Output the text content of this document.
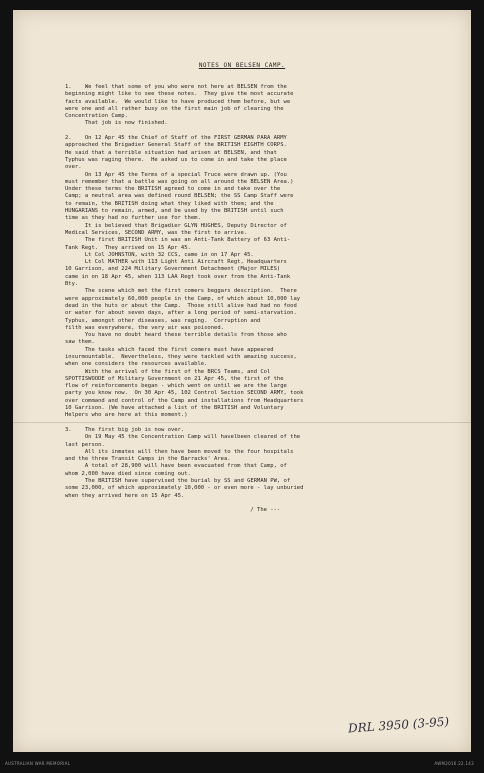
NOTES ON BELSEN CAMP.
1.    We feel that some of you who were not here at BELSEN from the
beginning might like to see these notes.  They give the most accurate
facts available.  We would like to have produced them before, but we
were one and all rather busy on the first main job of clearing the
Concentration Camp.
That job is now finished.

2.    On 12 Apr 45 the Chief of Staff of the FIRST GERMAN PARA ARMY
approached the Brigadier General Staff of the BRITISH EIGHTH CORPS.
He said that a terrible situation had arisen at BELSEN, and that
Typhus was raging there.  He asked us to come in and take the place
over.
On 13 Apr 45 the Terms of a special Truce were drawn up. (You
must remember that a battle was going on all around the BELSEN Area.)
Under these terms the BRITISH agreed to come in and take over the
Camp; a neutral area was defined round BELSEN; the SS Camp Staff were
to remain, the BRITISH doing what they liked with them; and the
HUNGARIANS to remain, armed, and be used by the BRITISH until such
time as they had no further use for them.
It is believed that Brigadier GLYN HUGHES, Deputy Director of
Medical Services, SECOND ARMY, was the first to arrive.
The first BRITISH Unit in was an Anti-Tank Battery of 63 Anti-
Tank Regt.  They arrived on 15 Apr 45.
Lt Col JOHNSTON, with 32 CCS, came in on 17 Apr 45.
Lt Col MATHER with 113 Light Anti Aircraft Regt, Headquarters
10 Garrison, and 224 Military Government Detachment (Major MILES)
came in on 18 Apr 45, when 113 LAA Regt took over from the Anti-Tank
Bty.
The scene which met the first comers beggars description.  There
were approximately 60,000 people in the Camp, of which about 10,000 lay
dead in the huts or about the Camp.  Those still alive had had no food
or water for about seven days, after a long period of semi-starvation.
Typhus, amongst other diseases, was raging.  Corruption and
filth was everywhere, the very air was poisoned.
You have no doubt heard these terrible details from those who
saw them.
The tasks which faced the first comers must have appeared
insurmountable.  Nevertheless, they were tackled with amazing success,
when one considers the resources available.
With the arrival of the first of the BRCS Teams, and Col
SPOTTISWOODE of Military Government on 21 Apr 45, the first of the
flow of reinforcements began - which went on until we are the large
party you know now.  On 30 Apr 45, 102 Control Section SECOND ARMY, took
over command and control of the Camp and installations from Headquarters
10 Garrison. (We have attached a list of the BRITISH and Voluntary
Helpers who are here at this moment.)

3.    The first big job is now over.
On 19 May 45 the Concentration Camp will havelbeen cleared of the
last person.
All its inmates will then have been moved to the four hospitals
and the three Transit Camps in the Barracks' Area.
A total of 28,900 will have been evacuated from that Camp, of
whom 2,000 have died since coming out.
The BRITISH have supervised the burial by SS and GERMAN PW, of
some 23,000, of which approximately 10,000 - or even more - lay unburied
when they arrived here on 15 Apr 45.

/ The ---
DRL 3950 (3-95)
AUSTRALIAN WAR MEMORIAL	AWM2016.22.143
